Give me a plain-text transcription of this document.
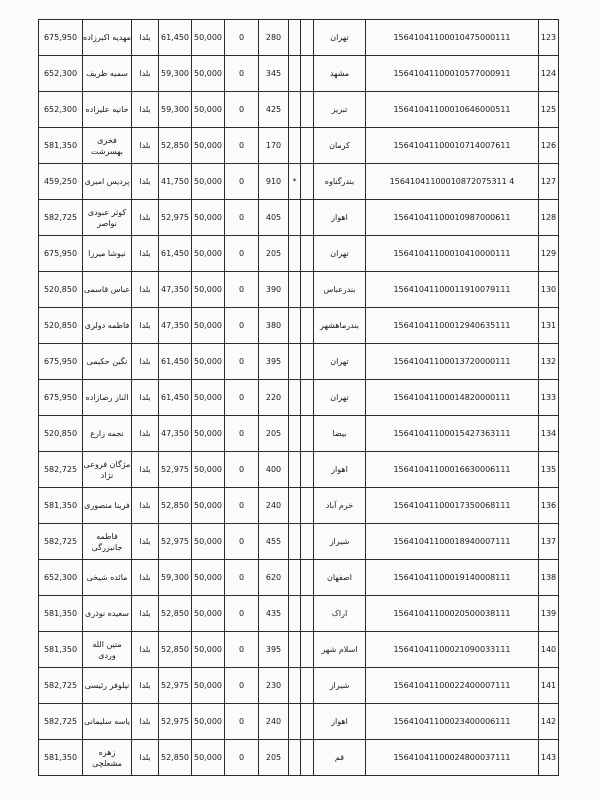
675,950	مهدیه اکبرزاده	بلدا	61,450	50,000	0	280			تهران	15641041100010475000111	123
652,300	سمیه ظریف	بلدا	59,300	50,000	0	345			مشهد	15641041100010577000911	124
652,300	حانیه علیزاده	بلدا	59,300	50,000	0	425			تبریز	15641041100010646000511	125
581,350	فخری بهسرشت	بلدا	52,850	50,000	0	170			کرمان	15641041100010714007611	126
459,250	پردیس امیری	بلدا	41,750	50,000	0	910	*		بندرگناوه	15641041100010872075311 4	127
582,725	کوثر عبودی نواصر	بلدا	52,975	50,000	0	405			اهواز	15641041100010987000611	128
675,950	نیوشا میرزا	بلدا	61,450	50,000	0	205			تهران	15641041100010410000111	129
520,850	عباس قاسمی	بلدا	47,350	50,000	0	390			بندرعباس	15641041100011910079111	130
520,850	فاطمه دولری	بلدا	47,350	50,000	0	380			بندرماهشهر	15641041100012940635111	131
675,950	نگین حکیمی	بلدا	61,450	50,000	0	395			تهران	15641041100013720000111	132
675,950	الناز رضازاده	بلدا	61,450	50,000	0	220			تهران	15641041100014820000111	133
520,850	نجمه زارع	بلدا	47,350	50,000	0	205			بیضا	15641041100015427363111	134
582,725	مژگان فروعی نژاد	بلدا	52,975	50,000	0	400			اهواز	15641041100016630006111	135
581,350	فرینا منصوری	بلدا	52,850	50,000	0	240			خرم آباد	15641041100017350068111	136
582,725	فاطمه جانبزرگی	بلدا	52,975	50,000	0	455			شیراز	15641041100018940007111	137
652,300	مائده شیخی	بلدا	59,300	50,000	0	620			اصفهان	15641041100019140008111	138
581,350	سعیده نوذری	بلدا	52,850	50,000	0	435			اراک	15641041100020500038111	139
581,350	متین الله وردی	بلدا	52,850	50,000	0	395			اسلام شهر	15641041100021090033111	140
582,725	نیلوفر رئیسی	بلدا	52,975	50,000	0	230			شیراز	15641041100022400007111	141
582,725	یاسه سلیمانی	بلدا	52,975	50,000	0	240			اهواز	15641041100023400006111	142
581,350	زهره مشعلچی	بلدا	52,850	50,000	0	205			قم	15641041100024800037111	143
